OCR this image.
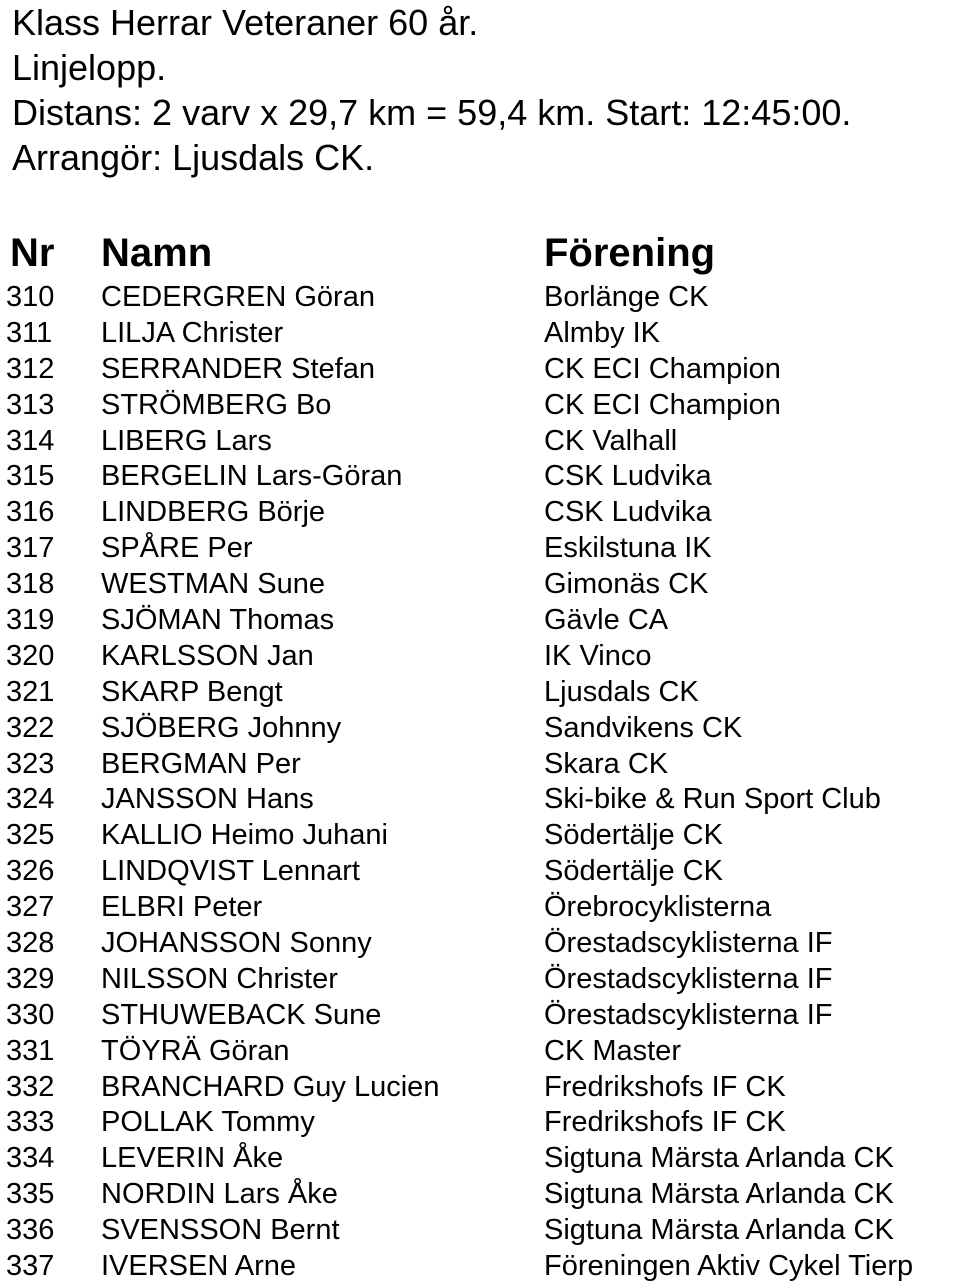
Klass Herrar Veteraner 60 år.
Linjelopp.
Distans: 2 varv x 29,7 km = 59,4 km. Start: 12:45:00.
Arrangör: Ljusdals CK.
Nr Namn	Förening
310 CEDERGREN Göran	Borlänge CK
311 LILJA Christer	Almby IK
312 SERRANDER Stefan	CK ECI Champion
313 STRÖMBERG Bo	CK ECI Champion
314 LIBERG Lars	CK Valhall
315 BERGELIN Lars-Göran	CSK Ludvika
316 LINDBERG Börje	CSK Ludvika
317 SPÅRE Per	Eskilstuna IK
318 WESTMAN Sune	Gimonäs CK
319 SJÖMAN Thomas	Gävle CA
320 KARLSSON Jan	IK Vinco
321 SKARP Bengt	Ljusdals CK
322 SJÖBERG Johnny	Sandvikens CK
323 BERGMAN Per	Skara CK
324 JANSSON Hans	Ski-bike & Run Sport Club
325 KALLIO Heimo Juhani	Södertälje CK
326 LINDQVIST Lennart	Södertälje CK
327 ELBRI Peter	Örebrocyklisterna
328 JOHANSSON Sonny	Örestadscyklisterna IF
329 NILSSON Christer	Örestadscyklisterna IF
330 STHUWEBACK Sune	Örestadscyklisterna IF
331 TÖYRÄ Göran	CK Master
332 BRANCHARD Guy Lucien	Fredrikshofs IF CK
333 POLLAK Tommy	Fredrikshofs IF CK
334 LEVERIN Åke	Sigtuna Märsta Arlanda CK
335 NORDIN Lars Åke	Sigtuna Märsta Arlanda CK
336 SVENSSON Bernt	Sigtuna Märsta Arlanda CK
337 IVERSEN Arne	Föreningen Aktiv Cykel Tierp
